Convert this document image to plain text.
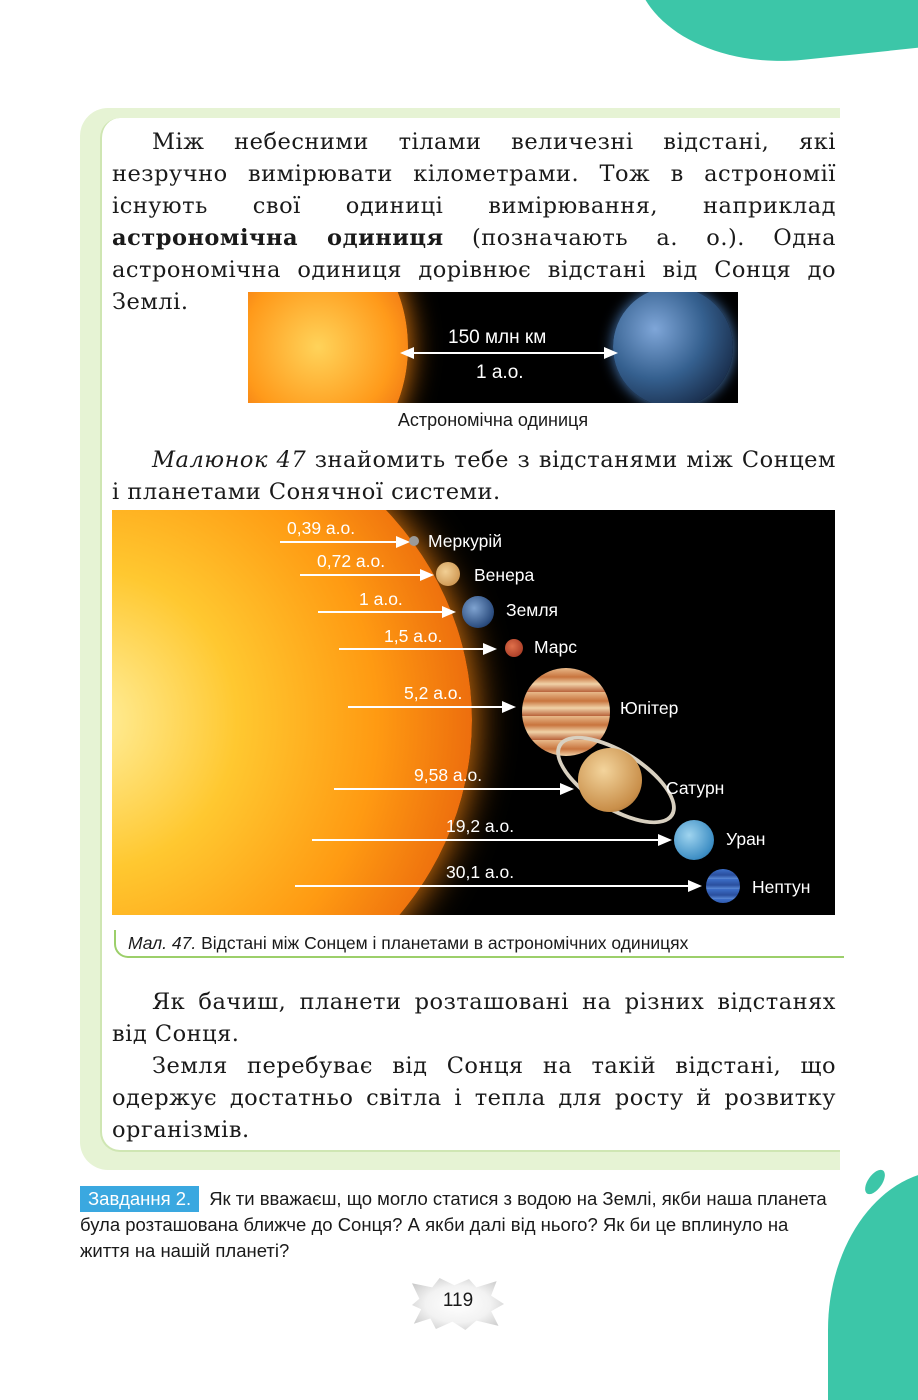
Між небесними тілами величезні відстані, які незручно вимірювати кілометрами. Тож в астрономії існують свої одиниці вимірювання, наприклад астрономічна одиниця (позначають а. о.). Одна астрономічна одиниця дорівнює відстані від Сонця до Землі.

150 млн км
1 а.о.
Астрономічна одиниця

Малюнок 47 знайомить тебе з відстанями між Сонцем і планетами Сонячної системи.

0,39 а.о.
Меркурій
0,72 а.о.
Венера
1 а.о.
Земля
1,5 а.о.
Марс
5,2 а.о.
Юпітер
9,58 а.о.
Сатурн
19,2 а.о.
Уран
30,1 а.о.
Нептун
Мал. 47. Відстані між Сонцем і планетами в астрономічних одиницях

Як бачиш, планети розташовані на різних відстанях від Сонця.

Земля перебуває від Сонця на такій відстані, що одержує достатньо світла і тепла для росту й розвитку організмів.

Завдання 2. Як ти вважаєш, що могло статися з водою на Землі, якби наша планета була розташована ближче до Сонця? А якби далі від нього? Як би це вплинуло на життя на нашій планеті?
119
